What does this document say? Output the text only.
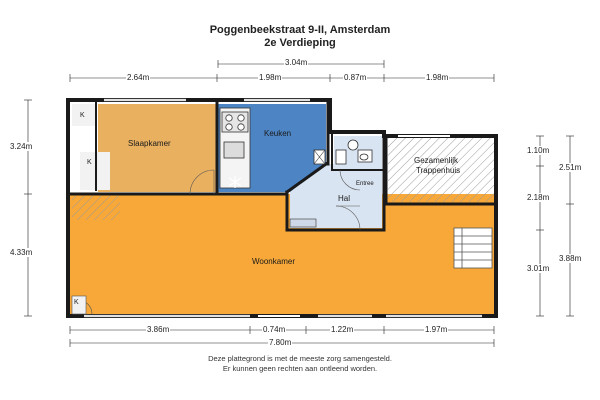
Poggenbeekstraat 9-II, Amsterdam
2e Verdieping
Slaapkamer
Keuken
Hal
Woonkamer
Gezamenlijk
Trappenhuis
Entree
K
K
K
3.04m
2.64m	1.98m	0.87m	1.98m
3.24m
4.33m
1.10m
2.51m
2.18m
3.88m
3.01m
3.86m	0.74m	1.22m	1.97m
7.80m
Deze plattegrond is met de meeste zorg samengesteld.
Er kunnen geen rechten aan ontleend worden.
